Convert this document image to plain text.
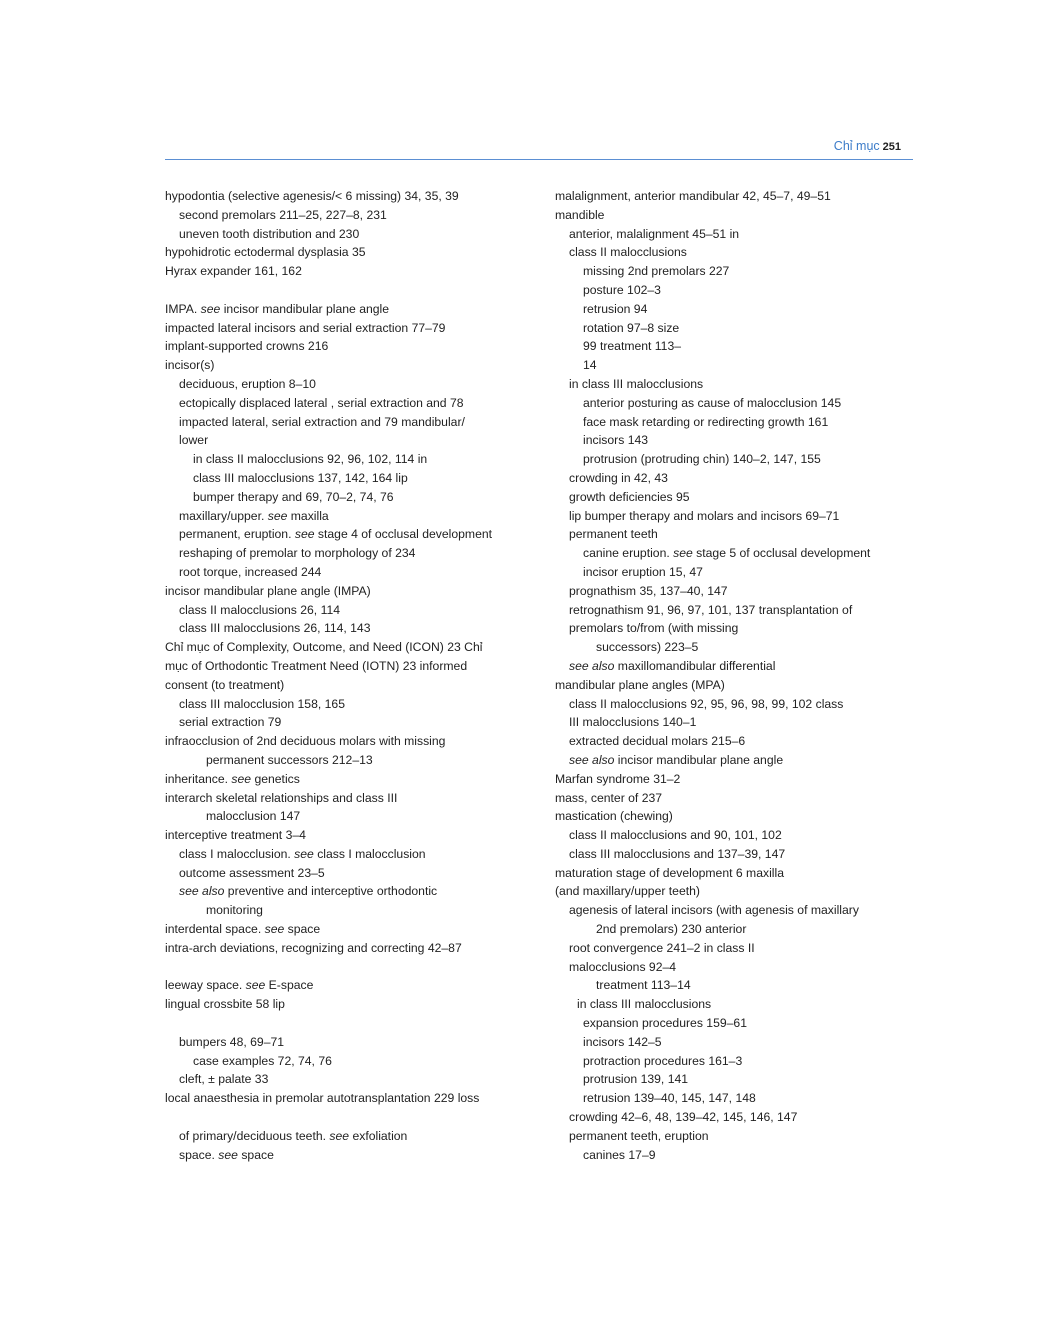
Chỉ mục 251
hypodontia (selective agenesis/< 6 missing) 34, 35, 39
second premolars 211–25, 227–8, 231
uneven tooth distribution and 230
hypohidrotic ectodermal dysplasia 35
Hyrax expander 161, 162
IMPA. see incisor mandibular plane angle
impacted lateral incisors and serial extraction 77–79
implant-supported crowns 216
incisor(s)
deciduous, eruption 8–10
ectopically displaced lateral , serial extraction and 78
impacted lateral, serial extraction and 79 mandibular/
lower
in class II malocclusions 92, 96, 102, 114 in
class III malocclusions 137, 142, 164 lip
bumper therapy and 69, 70–2, 74, 76
maxillary/upper. see maxilla
permanent, eruption. see stage 4 of occlusal development
reshaping of premolar to morphology of 234
root torque, increased 244
incisor mandibular plane angle (IMPA)
class II malocclusions 26, 114
class III malocclusions 26, 114, 143
Chỉ mục of Complexity, Outcome, and Need (ICON) 23 Chỉ
mục of Orthodontic Treatment Need (IOTN) 23 informed
consent (to treatment)
class III malocclusion 158, 165
serial extraction 79
infraocclusion of 2nd deciduous molars with missing
permanent successors 212–13
inheritance. see genetics
interarch skeletal relationships and class III
malocclusion 147
interceptive treatment 3–4
class I malocclusion. see class I malocclusion
outcome assessment 23–5
see also preventive and interceptive orthodontic
monitoring
interdental space. see space
intra-arch deviations, recognizing and correcting 42–87
leeway space. see E-space
lingual crossbite 58 lip
bumpers 48, 69–71
case examples 72, 74, 76
cleft, ± palate 33
local anaesthesia in premolar autotransplantation 229 loss
of primary/deciduous teeth. see exfoliation
space. see space
malalignment, anterior mandibular 42, 45–7, 49–51
mandible
anterior, malalignment 45–51 in
class II malocclusions
missing 2nd premolars 227
posture 102–3
retrusion 94
rotation 97–8 size
99 treatment 113–
14
in class III malocclusions
anterior posturing as cause of malocclusion 145
face mask retarding or redirecting growth 161
incisors 143
protrusion (protruding chin) 140–2, 147, 155
crowding in 42, 43
growth deficiencies 95
lip bumper therapy and molars and incisors 69–71
permanent teeth
canine eruption. see stage 5 of occlusal development
incisor eruption 15, 47
prognathism 35, 137–40, 147
retrognathism 91, 96, 97, 101, 137 transplantation of
premolars to/from (with missing
successors) 223–5
see also maxillomandibular differential
mandibular plane angles (MPA)
class II malocclusions 92, 95, 96, 98, 99, 102 class
III malocclusions 140–1
extracted decidual molars 215–6
see also incisor mandibular plane angle
Marfan syndrome 31–2
mass, center of 237
mastication (chewing)
class II malocclusions and 90, 101, 102
class III malocclusions and 137–39, 147
maturation stage of development 6 maxilla
(and maxillary/upper teeth)
agenesis of lateral incisors (with agenesis of maxillary
2nd premolars) 230 anterior
root convergence 241–2 in class II
malocclusions 92–4
treatment 113–14
in class III malocclusions
expansion procedures 159–61
incisors 142–5
protraction procedures 161–3
protrusion 139, 141
retrusion 139–40, 145, 147, 148
crowding 42–6, 48, 139–42, 145, 146, 147
permanent teeth, eruption
canines 17–9
